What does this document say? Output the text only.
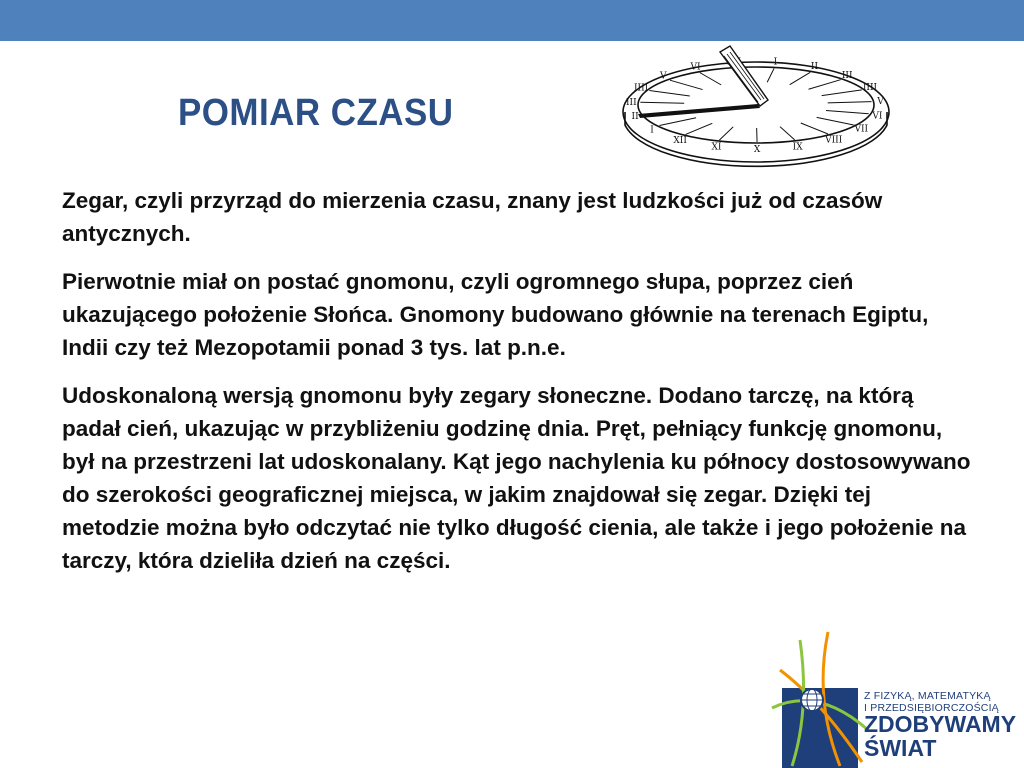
POMIAR CZASU
I	II
III
IIII
V
VI
VII
VIII
IX
X
XI
XII
I
II
III
IIII
V
VI

Zegar, czyli przyrząd do mierzenia czasu, znany jest ludzkości już od czasów antycznych.

Pierwotnie miał on postać gnomonu, czyli ogromnego słupa, poprzez cień ukazującego położenie Słońca. Gnomony budowano głównie na terenach Egiptu, Indii czy też Mezopotamii ponad 3 tys. lat p.n.e.

Udoskonaloną wersją gnomonu były zegary słoneczne. Dodano tarczę, na którą padał cień, ukazując w przybliżeniu godzinę dnia. Pręt, pełniący funkcję gnomonu, był na przestrzeni lat udoskonalany. Kąt jego nachylenia ku północy dostosowywano do szerokości geograficznej miejsca, w jakim znajdował się zegar. Dzięki tej metodzie można było odczytać nie tylko długość cienia, ale także i jego położenie na tarczy, która dzieliła dzień na części.

Z FIZYKĄ, MATEMATYKĄ
I PRZEDSIĘBIORCZOŚCIĄ
ZDOBYWAMY
ŚWIAT
